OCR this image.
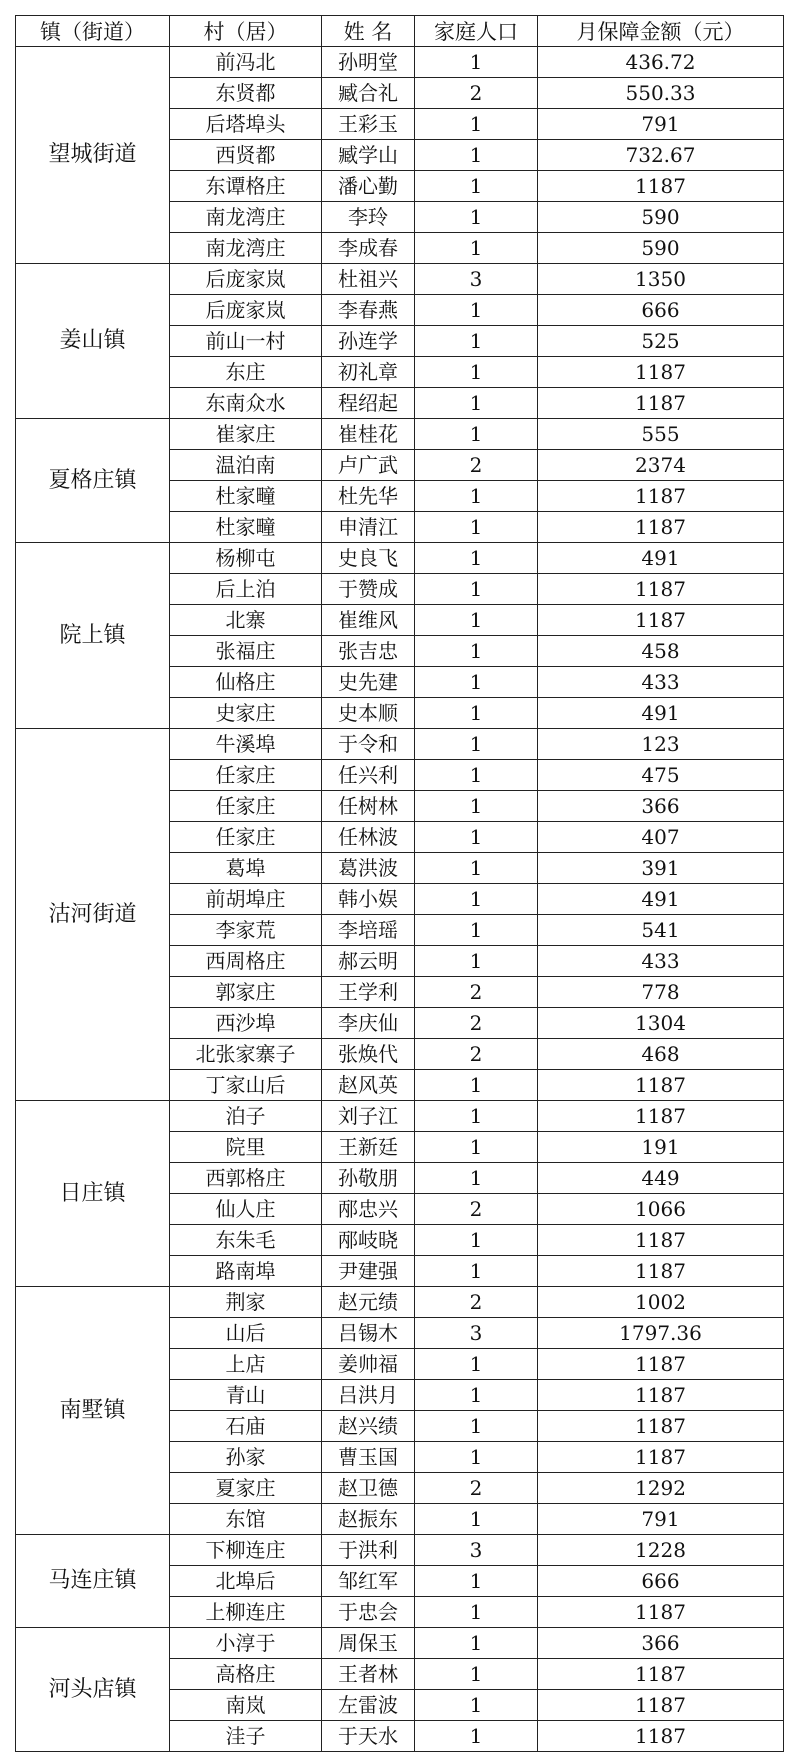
镇（街道）	村（居）	姓 名	家庭人口	月保障金额（元）
望城街道	前冯北	孙明堂	1	436.72
	东贤都	臧合礼	2	550.33
	后塔埠头	王彩玉	1	791
	西贤都	臧学山	1	732.67
	东谭格庄	潘心勤	1	1187
	南龙湾庄	李玲	1	590
	南龙湾庄	李成春	1	590
姜山镇	后庞家岚	杜祖兴	3	1350
	后庞家岚	李春燕	1	666
	前山一村	孙连学	1	525
	东庄	初礼章	1	1187
	东南众水	程绍起	1	1187
夏格庄镇	崔家庄	崔桂花	1	555
	温泊南	卢广武	2	2374
	杜家疃	杜先华	1	1187
	杜家疃	申清江	1	1187
院上镇	杨柳屯	史良飞	1	491
	后上泊	于赞成	1	1187
	北寨	崔维风	1	1187
	张福庄	张吉忠	1	458
	仙格庄	史先建	1	433
	史家庄	史本顺	1	491
沽河街道	牛溪埠	于令和	1	123
	任家庄	任兴利	1	475
	任家庄	任树林	1	366
	任家庄	任林波	1	407
	葛埠	葛洪波	1	391
	前胡埠庄	韩小娱	1	491
	李家荒	李培瑶	1	541
	西周格庄	郝云明	1	433
	郭家庄	王学利	2	778
	西沙埠	李庆仙	2	1304
	北张家寨子	张焕代	2	468
	丁家山后	赵风英	1	1187
日庄镇	泊子	刘子江	1	1187
	院里	王新廷	1	191
	西郭格庄	孙敬朋	1	449
	仙人庄	邴忠兴	2	1066
	东朱毛	邴岐晓	1	1187
	路南埠	尹建强	1	1187
南墅镇	荆家	赵元绩	2	1002
	山后	吕锡木	3	1797.36
	上店	姜帅福	1	1187
	青山	吕洪月	1	1187
	石庙	赵兴绩	1	1187
	孙家	曹玉国	1	1187
	夏家庄	赵卫德	2	1292
	东馆	赵振东	1	791
马连庄镇	下柳连庄	于洪利	3	1228
	北埠后	邹红军	1	666
	上柳连庄	于忠会	1	1187
河头店镇	小淳于	周保玉	1	366
	高格庄	王者林	1	1187
	南岚	左雷波	1	1187
	洼子	于天水	1	1187
